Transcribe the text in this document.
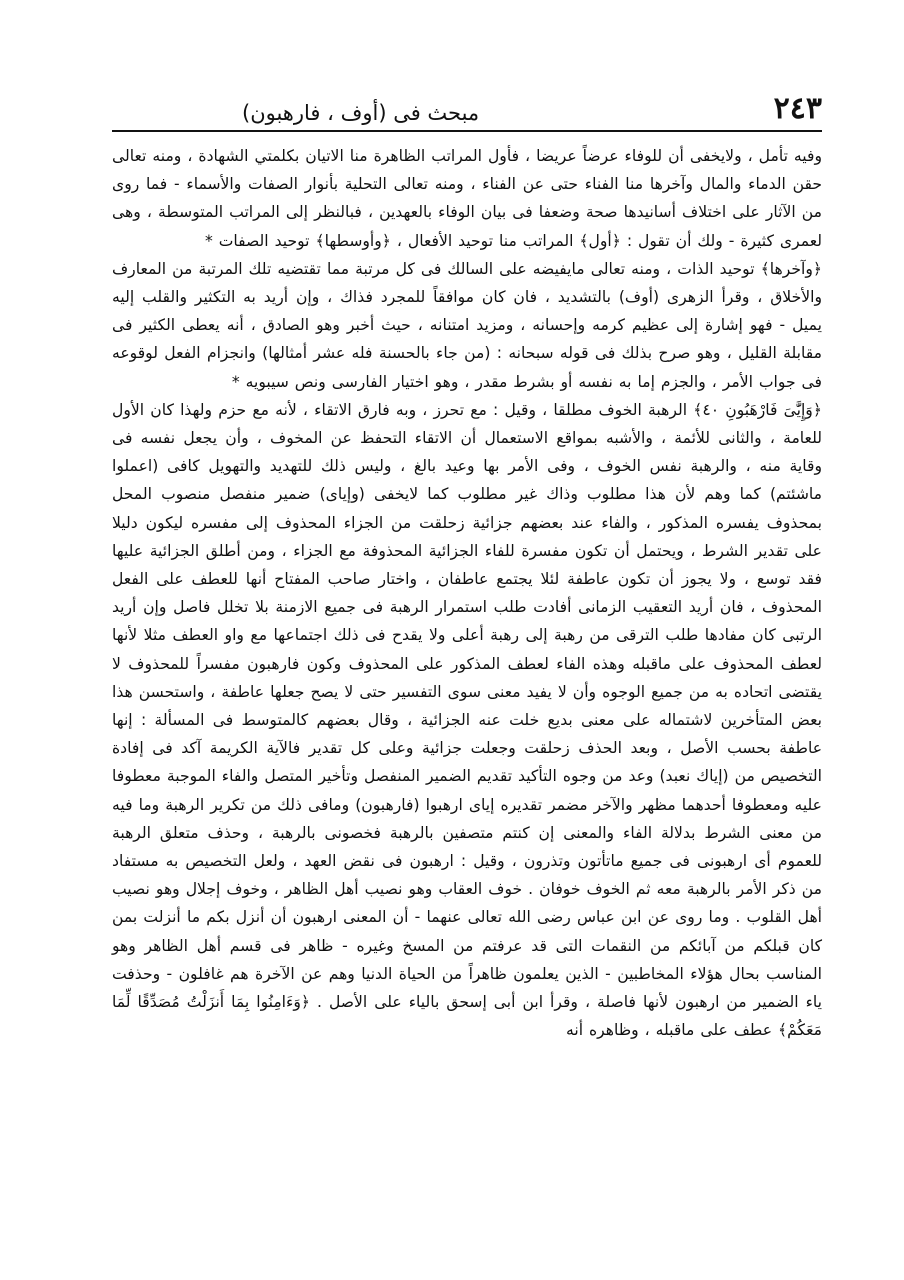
٢٤٣
مبحث فى (أوف ، فارهبون)

وفيه تأمل ، ولايخفى أن للوفاء عرضاً عريضا ، فأول المراتب الظاهرة منا الاتيان بكلمتي الشهادة ، ومنه تعالى حقن الدماء والمال وآخرها منا الفناء حتى عن الفناء ، ومنه تعالى التحلية بأنوار الصفات والأسماء - فما روى من الآثار على اختلاف أسانيدها صحة وضعفا فى بيان الوفاء بالعهدين ، فبالنظر إلى المراتب المتوسطة ، وهى لعمرى كثيرة - ولك أن تقول : ﴿أول﴾ المراتب منا توحيد الأفعال ، ﴿وأوسطها﴾ توحيد الصفات *

﴿وآخرها﴾ توحيد الذات ، ومنه تعالى مايفيضه على السالك فى كل مرتبة مما تقتضيه تلك المرتبة من المعارف والأخلاق ، وقرأ الزهرى (أوف) بالتشديد ، فان كان موافقاً للمجرد فذاك ، وإن أريد به التكثير والقلب إليه يميل - فهو إشارة إلى عظيم كرمه وإحسانه ، ومزيد امتنانه ، حيث أخبر وهو الصادق ، أنه يعطى الكثير فى مقابلة القليل ، وهو صرح بذلك فى قوله سبحانه : (من جاء بالحسنة فله عشر أمثالها) وانجزام الفعل لوقوعه فى جواب الأمر ، والجزم إما به نفسه أو بشرط مقدر ، وهو اختيار الفارسى ونص سيبويه *

﴿وَإِيَّٰىَ فَارْهَبُونِ ٤٠﴾ الرهبة الخوف مطلقا ، وقيل : مع تحرز ، وبه فارق الاتقاء ، لأنه مع حزم ولهذا كان الأول للعامة ، والثانى للأئمة ، والأشبه بمواقع الاستعمال أن الاتقاء التحفظ عن المخوف ، وأن يجعل نفسه فى وقاية منه ، والرهبة نفس الخوف ، وفى الأمر بها وعيد بالغ ، وليس ذلك للتهديد والتهويل كافى (اعملوا ماشئتم) كما وهم لأن هذا مطلوب وذاك غير مطلوب كما لايخفى (وإياى) ضمير منفصل منصوب المحل بمحذوف يفسره المذكور ، والفاء عند بعضهم جزائية زحلقت من الجزاء المحذوف إلى مفسره ليكون دليلا على تقدير الشرط ، ويحتمل أن تكون مفسرة للفاء الجزائية المحذوفة مع الجزاء ، ومن أطلق الجزائية عليها فقد توسع ، ولا يجوز أن تكون عاطفة لئلا يجتمع عاطفان ، واختار صاحب المفتاح أنها للعطف على الفعل المحذوف ، فان أريد التعقيب الزمانى أفادت طلب استمرار الرهبة فى جميع الازمنة بلا تخلل فاصل وإن أريد الرتبى كان مفادها طلب الترقى من رهبة إلى رهبة أعلى ولا يقدح فى ذلك اجتماعها مع واو العطف مثلا لأنها لعطف المحذوف على ماقبله وهذه الفاء لعطف المذكور على المحذوف وكون فارهبون مفسراً للمحذوف لا يقتضى اتحاده به من جميع الوجوه وأن لا يفيد معنى سوى التفسير حتى لا يصح جعلها عاطفة ، واستحسن هذا بعض المتأخرين لاشتماله على معنى بديع خلت عنه الجزائية ، وقال بعضهم كالمتوسط فى المسألة : إنها عاطفة بحسب الأصل ، وبعد الحذف زحلقت وجعلت جزائية وعلى كل تقدير فالآية الكريمة آكد فى إفادة التخصيص من (إياك نعبد) وعد من وجوه التأكيد تقديم الضمير المنفصل وتأخير المتصل والفاء الموجبة معطوفا عليه ومعطوفا أحدهما مظهر والآخر مضمر تقديره إياى ارهبوا (فارهبون) ومافى ذلك من تكرير الرهبة وما فيه من معنى الشرط بدلالة الفاء والمعنى إن كنتم متصفين بالرهبة فخصونى بالرهبة ، وحذف متعلق الرهبة للعموم أى ارهبونى فى جميع ماتأتون وتذرون ، وقيل : ارهبون فى نقض العهد ، ولعل التخصيص به مستفاد من ذكر الأمر بالرهبة معه ثم الخوف خوفان . خوف العقاب وهو نصيب أهل الظاهر ، وخوف إجلال وهو نصيب أهل القلوب . وما روى عن ابن عباس رضى الله تعالى عنهما - أن المعنى ارهبون أن أنزل بكم ما أنزلت بمن كان قبلكم من آبائكم من النقمات التى قد عرفتم من المسخ وغيره - ظاهر فى قسم أهل الظاهر وهو المناسب بحال هؤلاء المخاطبين - الذين يعلمون ظاهراً من الحياة الدنيا وهم عن الآخرة هم غافلون - وحذفت ياء الضمير من ارهبون لأنها فاصلة ، وقرأ ابن أبى إسحق بالياء على الأصل . ﴿وَءَامِنُوا بِمَا أَنزَلْتُ مُصَدِّقًا لِّمَا مَعَكُمْ﴾ عطف على ماقبله ، وظاهره أنه
